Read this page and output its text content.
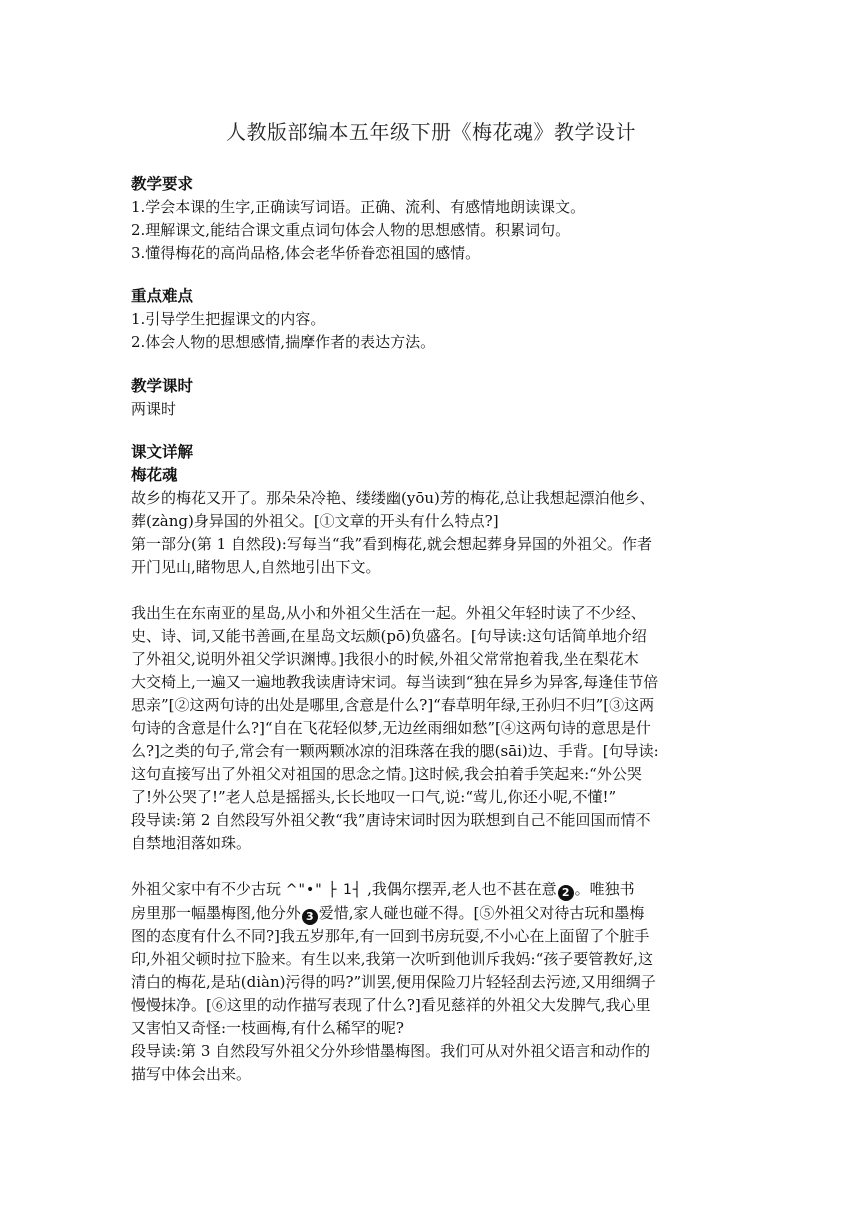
人教版部编本五年级下册《梅花魂》教学设计
教学要求
1.学会本课的生字,正确读写词语。正确、流利、有感情地朗读课文。
2.理解课文,能结合课文重点词句体会人物的思想感情。积累词句。
3.懂得梅花的高尚品格,体会老华侨眷恋祖国的感情。
重点难点
1.引导学生把握课文的内容。
2.体会人物的思想感情,揣摩作者的表达方法。
教学课时
两课时
课文详解
梅花魂
故乡的梅花又开了。那朵朵冷艳、缕缕幽(yōu)芳的梅花,总让我想起漂泊他乡、
葬(zàng)身异国的外祖父。[①文章的开头有什么特点?]
第一部分(第 1 自然段):写每当“我”看到梅花,就会想起葬身异国的外祖父。作者
开门见山,睹物思人,自然地引出下文。
我出生在东南亚的星岛,从小和外祖父生活在一起。外祖父年轻时读了不少经、
史、诗、词,又能书善画,在星岛文坛颇(pō)负盛名。[句导读:这句话简单地介绍
了外祖父,说明外祖父学识渊博。]我很小的时候,外祖父常常抱着我,坐在梨花木
大交椅上,一遍又一遍地教我读唐诗宋词。每当读到“独在异乡为异客,每逢佳节倍
思亲”[②这两句诗的出处是哪里,含意是什么?]“春草明年绿,王孙归不归”[③这两
句诗的含意是什么?]“自在飞花轻似梦,无边丝雨细如愁”[④这两句诗的意思是什
么?]之类的句子,常会有一颗两颗冰凉的泪珠落在我的腮(sāi)边、手背。[句导读:
这句直接写出了外祖父对祖国的思念之情。]这时候,我会拍着手笑起来:“外公哭
了!外公哭了!”老人总是摇摇头,长长地叹一口气,说:“莺儿,你还小呢,不懂!”
段导读:第 2 自然段写外祖父教“我”唐诗宋词时因为联想到自己不能回国而情不
自禁地泪落如珠。
外祖父家中有不少古玩 ^"•" ├ 1┤ ,我偶尔摆弄,老人也不甚在意 2 。唯独书
房里那一幅墨梅图,他分外 3 爱惜,家人碰也碰不得。[⑤外祖父对待古玩和墨梅
图的态度有什么不同?]我五岁那年,有一回到书房玩耍,不小心在上面留了个脏手
印,外祖父顿时拉下脸来。有生以来,我第一次听到他训斥我妈:“孩子要管教好,这
清白的梅花,是玷(diàn)污得的吗?”训罢,便用保险刀片轻轻刮去污迹,又用细绸子
慢慢抹净。[⑥这里的动作描写表现了什么?]看见慈祥的外祖父大发脾气,我心里
又害怕又奇怪:一枝画梅,有什么稀罕的呢?
段导读:第 3 自然段写外祖父分外珍惜墨梅图。我们可从对外祖父语言和动作的
描写中体会出来。
